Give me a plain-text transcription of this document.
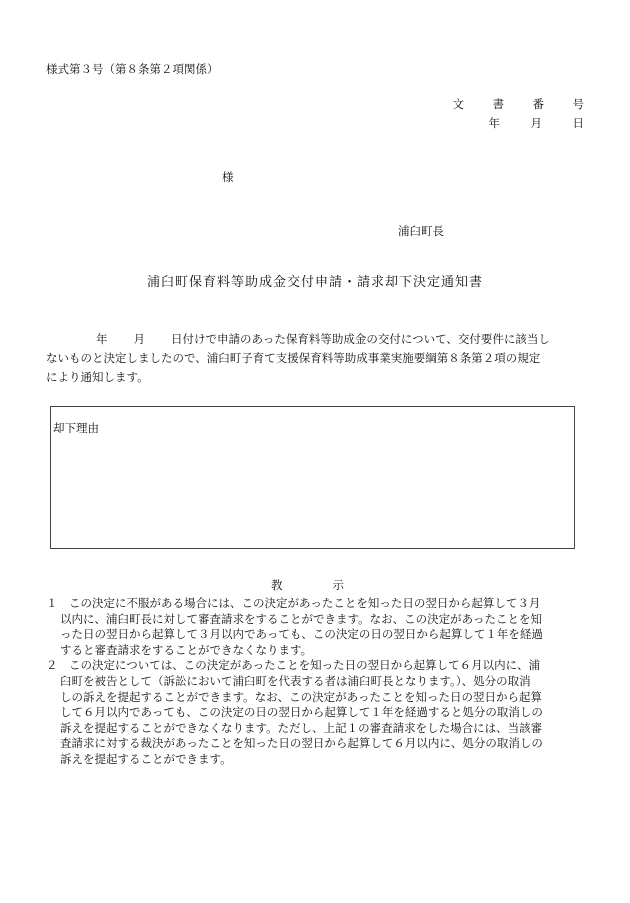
様式第３号（第８条第２項関係）
文	書	番	号
年	月	日
様
浦臼町長
浦臼町保育料等助成金交付申請・請求却下決定通知書
年 月 日付けで申請のあった保育料等助成金の交付について、交付要件に該当し
ないものと決定しましたので、浦臼町子育て支援保育料等助成事業実施要綱第８条第２項の規定
により通知します。
却下理由
教	示
１　この決定に不服がある場合には、この決定があったことを知った日の翌日から起算して３月
以内に、浦臼町長に対して審査請求をすることができます。なお、この決定があったことを知
った日の翌日から起算して３月以内であっても、この決定の日の翌日から起算して１年を経過
すると審査請求をすることができなくなります。
２　この決定については、この決定があったことを知った日の翌日から起算して６月以内に、浦
臼町を被告として（訴訟において浦臼町を代表する者は浦臼町長となります。）、処分の取消
しの訴えを提起することができます。なお、この決定があったことを知った日の翌日から起算
して６月以内であっても、この決定の日の翌日から起算して１年を経過すると処分の取消しの
訴えを提起することができなくなります。ただし、上記１の審査請求をした場合には、当該審
査請求に対する裁決があったことを知った日の翌日から起算して６月以内に、処分の取消しの
訴えを提起することができます。
